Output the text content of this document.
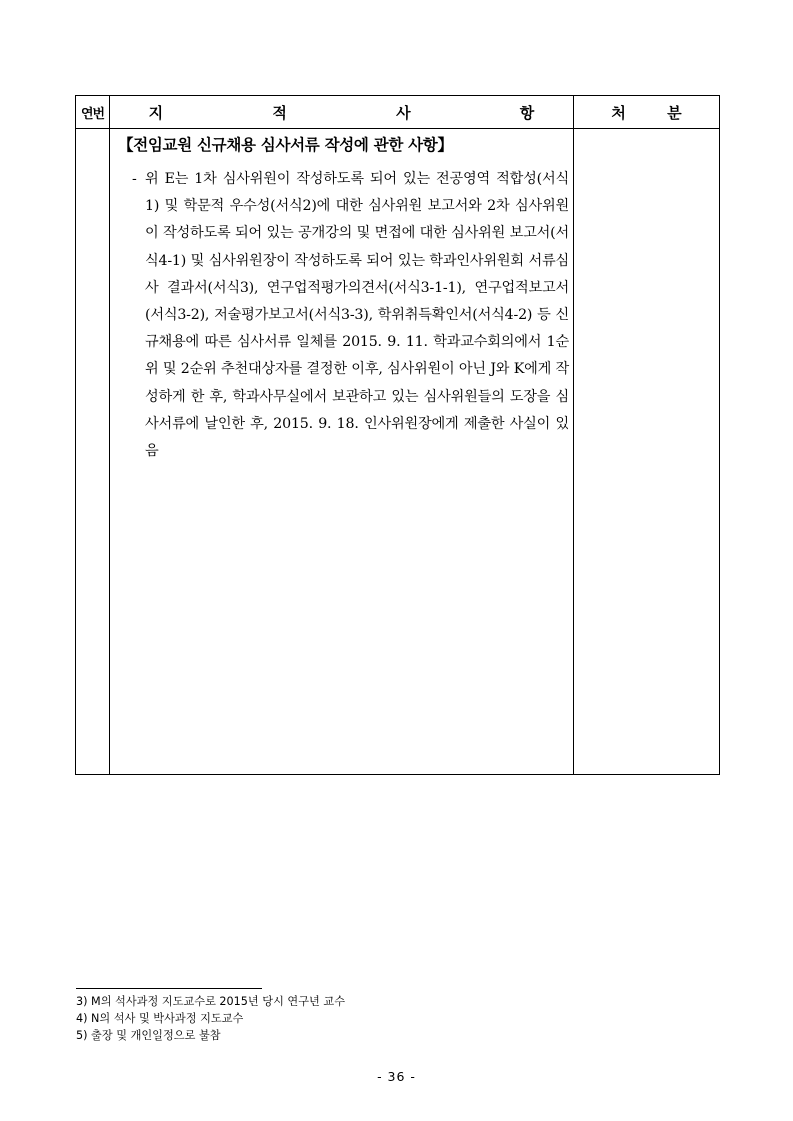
연번	지 적 사 항	처 분

	【전임교원 신규채용 심사서류 작성에 관한 사항】
- 위 E는 1차 심사위원이 작성하도록 되어 있는 전공영역 적합성(서식1) 및 학문적 우수성(서식2)에 대한 심사위원 보고서와 2차 심사위원이 작성하도록 되어 있는 공개강의 및 면접에 대한 심사위원 보고서(서식4-1) 및 심사위원장이 작성하도록 되어 있는 학과인사위원회 서류심사 결과서(서식3), 연구업적평가의견서(서식3-1-1), 연구업적보고서(서식3-2), 저술평가보고서(서식3-3), 학위취득확인서(서식4-2) 등 신규채용에 따른 심사서류 일체를 2015. 9. 11. 학과교수회의에서 1순위 및 2순위 추천대상자를 결정한 이후, 심사위원이 아닌 J와 K에게 작성하게 한 후, 학과사무실에서 보관하고 있는 심사위원들의 도장을 심사서류에 날인한 후, 2015. 9. 18. 인사위원장에게 제출한 사실이 있음	

3) M의 석사과정 지도교수로 2015년 당시 연구년 교수
4) N의 석사 및 박사과정 지도교수
5) 출장 및 개인일정으로 불참
- 36 -
